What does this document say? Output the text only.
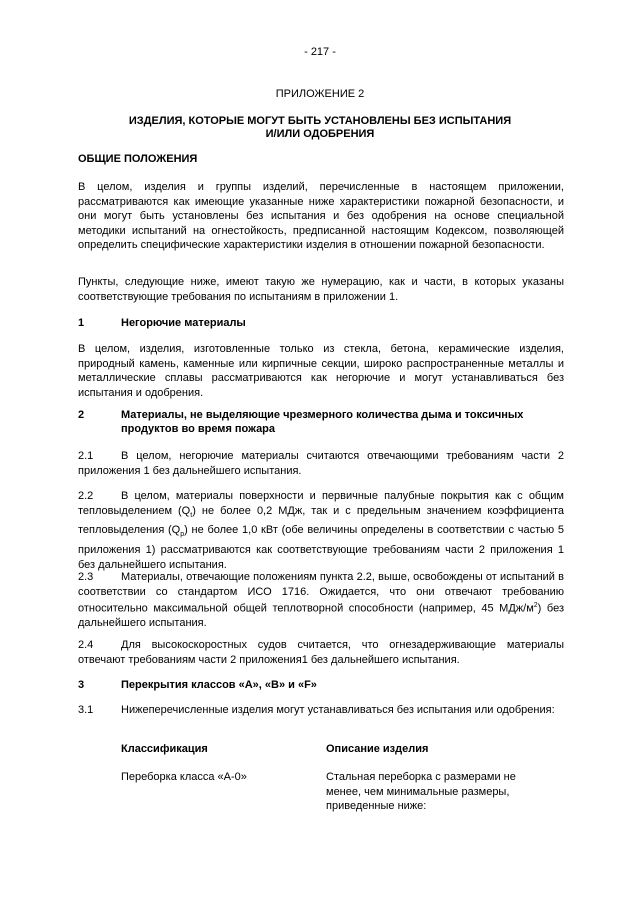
- 217 -
ПРИЛОЖЕНИЕ 2
ИЗДЕЛИЯ, КОТОРЫЕ МОГУТ БЫТЬ УСТАНОВЛЕНЫ БЕЗ ИСПЫТАНИЯ
И/ИЛИ ОДОБРЕНИЯ
ОБЩИЕ ПОЛОЖЕНИЯ

В целом, изделия и группы изделий, перечисленные в настоящем приложении, рассматриваются как имеющие указанные ниже характеристики пожарной безопасности, и они могут быть установлены без испытания и без одобрения на основе специальной методики испытаний на огнестойкость, предписанной настоящим Кодексом, позволяющей определить специфические характеристики изделия в отношении пожарной безопасности.

Пункты, следующие ниже, имеют такую же нумерацию, как и части, в которых указаны соответствующие требования по испытаниям в приложении 1.

1	Негорючие материалы

В целом, изделия, изготовленные только из стекла, бетона, керамические изделия, природный камень, каменные или кирпичные секции, широко распространенные металлы и металлические сплавы рассматриваются как негорючие и могут устанавливаться без испытания и одобрения.

2	Материалы, не выделяющие чрезмерного количества дыма и токсичных продуктов во время пожара

2.1	В целом, негорючие материалы считаются отвечающими требованиям части 2 приложения 1 без дальнейшего испытания.

2.2	В целом, материалы поверхности и первичные палубные покрытия как с общим тепловыделением $(Q_t)$ не более 0,2 МДж, так и с предельным значением коэффициента тепловыделения $(Q_p)$ не более 1,0 кВт (обе величины определены в соответствии с частью 5 приложения 1) рассматриваются как соответствующие требованиям части 2 приложения 1 без дальнейшего испытания.

2.3	Материалы, отвечающие положениям пункта 2.2, выше, освобождены от испытаний в соответствии со стандартом ИСО 1716. Ожидается, что они отвечают требованию относительно максимальной общей теплотворной способности (например, 45 МДж/$м^2$) без дальнейшего испытания.

2.4	Для высокоскоростных судов считается, что огнезадерживающие материалы отвечают требованиям части 2 приложения1 без дальнейшего испытания.

3	Перекрытия классов «A», «B» и «F»

3.1	Нижеперечисленные изделия могут устанавливаться без испытания или одобрения:

Классификация	Описание изделия
Переборка класса «А-0»	Стальная переборка с размерами не менее, чем минимальные размеры, приведенные ниже:
